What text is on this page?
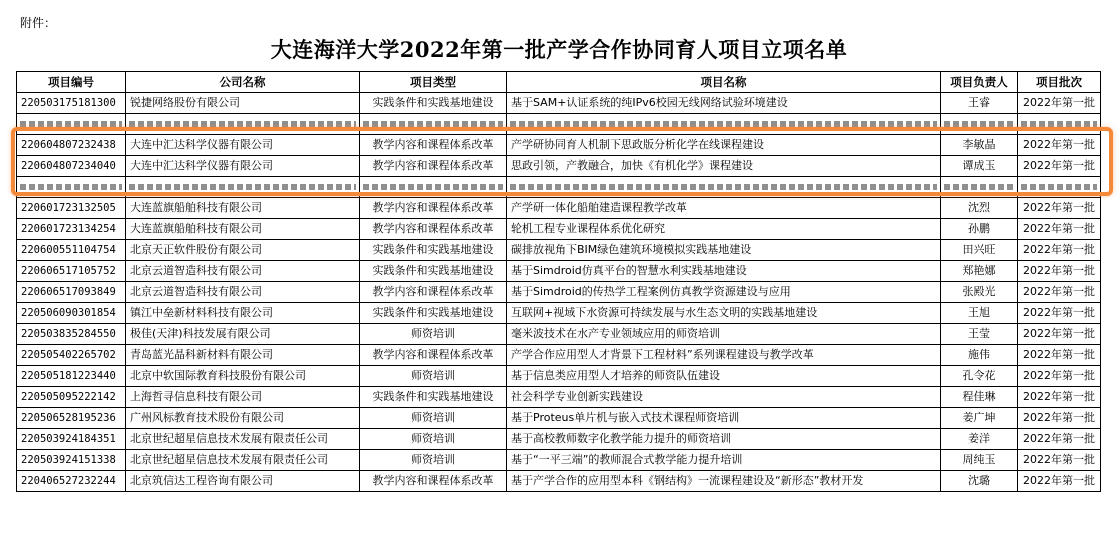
附件：
大连海洋大学2022年第一批产学合作协同育人项目立项名单
项目编号	公司名称	项目类型	项目名称	项目负责人	项目批次
220503175181300	锐捷网络股份有限公司	实践条件和实践基地建设	基于SAM+认证系统的纯IPv6校园无线网络试验环境建设	王睿	2022年第一批

220604807232438	大连中汇达科学仪器有限公司	教学内容和课程体系改革	产学研协同育人机制下思政版分析化学在线课程建设	李敏晶	2022年第一批
220604807234040	大连中汇达科学仪器有限公司	教学内容和课程体系改革	思政引领，产教融合，加快《有机化学》课程建设	谭成玉	2022年第一批

220601723132505	大连蓝旗船舶科技有限公司	教学内容和课程体系改革	产学研一体化船舶建造课程教学改革	沈烈	2022年第一批
220601723134254	大连蓝旗船舶科技有限公司	教学内容和课程体系改革	轮机工程专业课程体系优化研究	孙鹏	2022年第一批
220600551104754	北京天正软件股份有限公司	实践条件和实践基地建设	碳排放视角下BIM绿色建筑环境模拟实践基地建设	田兴旺	2022年第一批
220606517105752	北京云道智造科技有限公司	实践条件和实践基地建设	基于Simdroid仿真平台的智慧水利实践基地建设	郑艳娜	2022年第一批
220606517093849	北京云道智造科技有限公司	教学内容和课程体系改革	基于Simdroid的传热学工程案例仿真教学资源建设与应用	张殿光	2022年第一批
220506090301854	镇江中垒新材料科技有限公司	实践条件和实践基地建设	互联网+视域下水资源可持续发展与水生态文明的实践基地建设	王旭	2022年第一批
220503835284550	极佳(天津)科技发展有限公司	师资培训	毫米波技术在水产专业领域应用的师资培训	王莹	2022年第一批
220505402265702	青岛蓝光晶科新材料有限公司	教学内容和课程体系改革	产学合作应用型人才背景下工程材料”系列课程建设与教学改革	施伟	2022年第一批
220505181223440	北京中软国际教育科技股份有限公司	师资培训	基于信息类应用型人才培养的师资队伍建设	孔令花	2022年第一批
220505095222142	上海哲寻信息科技有限公司	实践条件和实践基地建设	社会科学专业创新实践建设	程佳琳	2022年第一批
220506528195236	广州风标教育技术股份有限公司	师资培训	基于Proteus单片机与嵌入式技术课程师资培训	姜广坤	2022年第一批
220503924184351	北京世纪超星信息技术发展有限责任公司	师资培训	基于高校教师数字化教学能力提升的师资培训	姜洋	2022年第一批
220503924151338	北京世纪超星信息技术发展有限责任公司	师资培训	基于“一平三端”的教师混合式教学能力提升培训	周纯玉	2022年第一批
220406527232244	北京筑信达工程咨询有限公司	教学内容和课程体系改革	基于产学合作的应用型本科《钢结构》一流课程建设及“新形态”教材开发	沈璐	2022年第一批
